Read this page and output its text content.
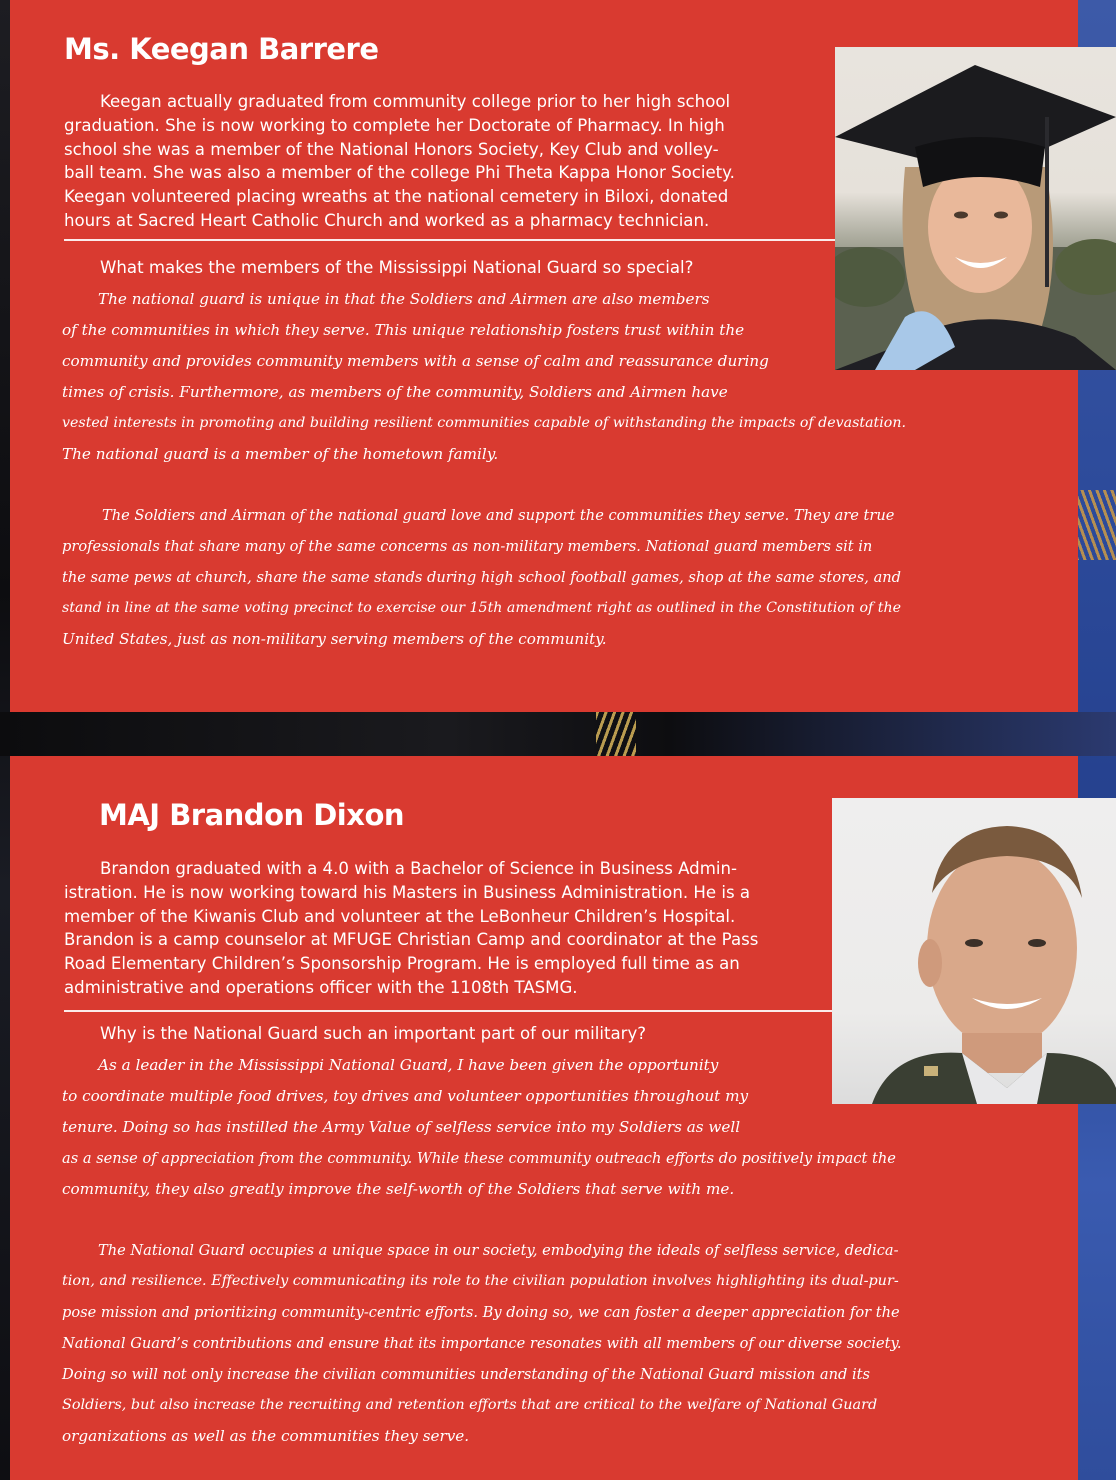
Ms. Keegan Barrere
Keegan actually graduated from community college prior to her high school
graduation. She is now working to complete her Doctorate of Pharmacy. In high
school she was a member of the National Honors Society, Key Club and volley-
ball team. She was also a member of the college Phi Theta Kappa Honor Society.
Keegan volunteered placing wreaths at the national cemetery in Biloxi, donated
hours at Sacred Heart Catholic Church and worked as a pharmacy technician.
What makes the members of the Mississippi National Guard so special?
The national guard is unique in that the Soldiers and Airmen are also members
of the communities in which they serve. This unique relationship fosters trust within the
community and provides community members with a sense of calm and reassurance during
times of crisis. Furthermore, as members of the community, Soldiers and Airmen have
vested interests in promoting and building resilient communities capable of withstanding the impacts of devastation.
The national guard is a member of the hometown family.
The Soldiers and Airman of the national guard love and support the communities they serve. They are true
professionals that share many of the same concerns as non-military members. National guard members sit in
the same pews at church, share the same stands during high school football games, shop at the same stores, and
stand in line at the same voting precinct to exercise our 15th amendment right as outlined in the Constitution of the
United States, just as non-military serving members of the community.
MAJ Brandon Dixon
Brandon graduated with a 4.0 with a Bachelor of Science in Business Admin-
istration. He is now working toward his Masters in Business Administration. He is a
member of the Kiwanis Club and volunteer at the LeBonheur Children’s Hospital.
Brandon is a camp counselor at MFUGE Christian Camp and coordinator at the Pass
Road Elementary Children’s Sponsorship Program. He is employed full time as an
administrative and operations officer with the 1108th TASMG.
Why is the National Guard such an important part of our military?
As a leader in the Mississippi National Guard, I have been given the opportunity
to coordinate multiple food drives, toy drives and volunteer opportunities throughout my
tenure. Doing so has instilled the Army Value of selfless service into my Soldiers as well
as a sense of appreciation from the community. While these community outreach efforts do positively impact the
community, they also greatly improve the self-worth of the Soldiers that serve with me.
The National Guard occupies a unique space in our society, embodying the ideals of selfless service, dedica-
tion, and resilience. Effectively communicating its role to the civilian population involves highlighting its dual-pur-
pose mission and prioritizing community-centric efforts. By doing so, we can foster a deeper appreciation for the
National Guard’s contributions and ensure that its importance resonates with all members of our diverse society.
Doing so will not only increase the civilian communities understanding of the National Guard mission and its
Soldiers, but also increase the recruiting and retention efforts that are critical to the welfare of National Guard
organizations as well as the communities they serve.
